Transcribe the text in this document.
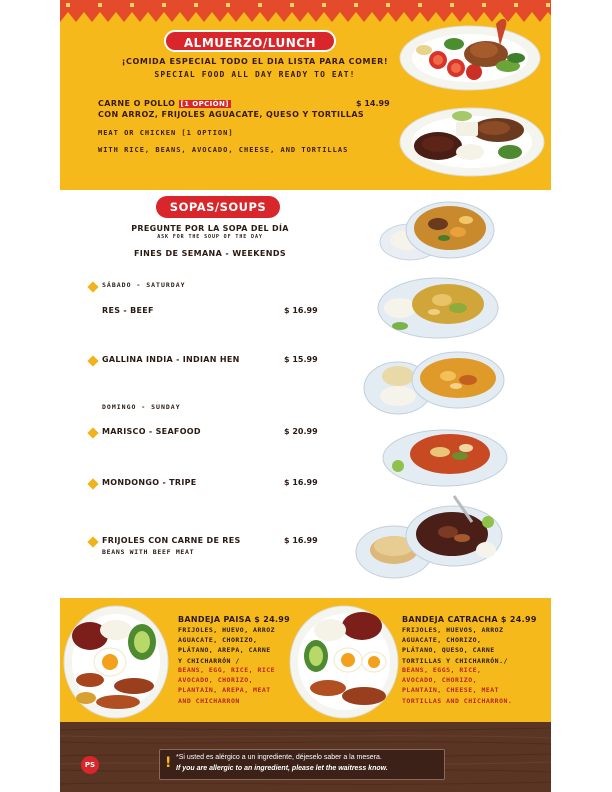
ALMUERZO/LUNCH
¡COMIDA ESPECIAL TODO EL DIA LISTA PARA COMER!
SPECIAL FOOD ALL DAY READY TO EAT!
CARNE O POLLO [1 OPCIÓN]	$ 14.99
CON ARROZ, FRIJOLES AGUACATE, QUESO Y TORTILLAS
MEAT OR CHICKEN [1 OPTION]
WITH RICE, BEANS, AVOCADO, CHEESE, AND TORTILLAS
SOPAS/SOUPS
PREGUNTE POR LA SOPA DEL DÍA
ASK FOR THE SOUP OF THE DAY
FINES DE SEMANA - WEEKENDS
SÁBADO - SATURDAY
RES - BEEF	$ 16.99
GALLINA INDIA - INDIAN HEN	$ 15.99
DOMINGO - SUNDAY
MARISCO - SEAFOOD	$ 20.99
MONDONGO - TRIPE	$ 16.99
FRIJOLES CON CARNE DE RES
BEANS WITH BEEF MEAT
$ 16.99
BANDEJA PAISA $ 24.99
FRIJOLES, HUEVO, ARROZ
AGUACATE, CHORIZO,
PLÁTANO, AREPA, CARNE
Y CHICHARRÓN /
BEANS, EGG, RICE, RICE
AVOCADO, CHORIZO,
PLANTAIN, AREPA, MEAT
AND CHICHARRON
BANDEJA CATRACHA $ 24.99
FRIJOLES, HUEVOS, ARROZ
AGUACATE, CHORIZO,
PLÁTANO, QUESO, CARNE
TORTILLAS Y CHICHARRÓN./
BEANS, EGGS, RICE,
AVOCADO, CHORIZO,
PLANTAIN, CHEESE, MEAT
TORTILLAS AND CHICHARRON.
PS	! *Si usted es alérgico a un ingrediente, déjeselo saber a la mesera.
If you are allergic to an ingredient, please let the waitress know.
